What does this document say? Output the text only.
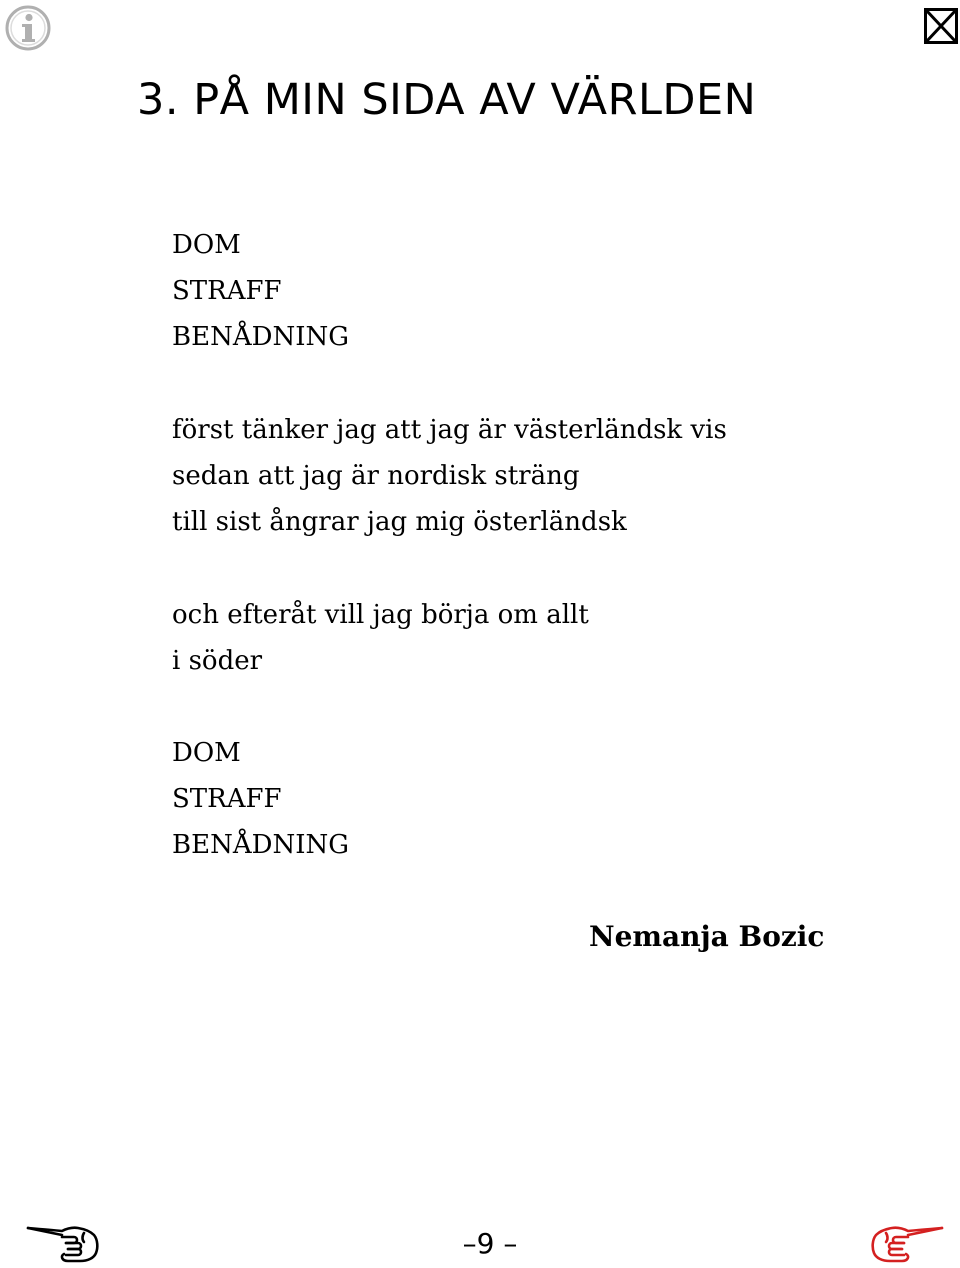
3. PÅ MIN SIDA AV VÄRLDEN
DOM
STRAFF
BENÅDNING
först tänker jag att jag är västerländsk vis
sedan att jag är nordisk sträng
till sist ångrar jag mig österländsk
och efteråt vill jag börja om allt
i söder
DOM
STRAFF
BENÅDNING
Nemanja Bozic
–9 –
